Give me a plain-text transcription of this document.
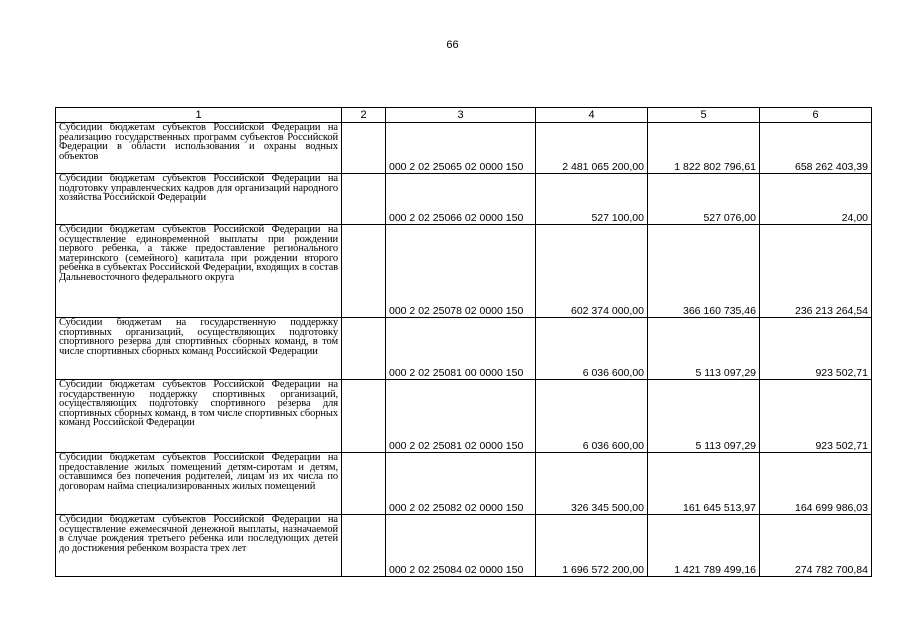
66
1	2	3	4	5	6
Субсидии бюджетам субъектов Российской Федерации на реализацию государственных программ субъектов Российской Федерации в области использования и охраны водных объектов		000 2 02 25065 02 0000 150	2 481 065 200,00	1 822 802 796,61	658 262 403,39
Субсидии бюджетам субъектов Российской Федерации на подготовку управленческих кадров для организаций народного хозяйства Российской Федерации		000 2 02 25066 02 0000 150	527 100,00	527 076,00	24,00
Субсидии бюджетам субъектов Российской Федерации на осуществление единовременной выплаты при рождении первого ребенка, а также предоставление регионального материнского (семейного) капитала при рождении второго ребенка в субъектах Российской Федерации, входящих в состав Дальневосточного федерального округа		000 2 02 25078 02 0000 150	602 374 000,00	366 160 735,46	236 213 264,54
Субсидии бюджетам на государственную поддержку спортивных организаций, осуществляющих подготовку спортивного резерва для спортивных сборных команд, в том числе спортивных сборных команд Российской Федерации		000 2 02 25081 00 0000 150	6 036 600,00	5 113 097,29	923 502,71
Субсидии бюджетам субъектов Российской Федерации на государственную поддержку спортивных организаций, осуществляющих подготовку спортивного резерва для спортивных сборных команд, в том числе спортивных сборных команд Российской Федерации		000 2 02 25081 02 0000 150	6 036 600,00	5 113 097,29	923 502,71
Субсидии бюджетам субъектов Российской Федерации на предоставление жилых помещений детям-сиротам и детям, оставшимся без попечения родителей, лицам из их числа по договорам найма специализированных жилых помещений		000 2 02 25082 02 0000 150	326 345 500,00	161 645 513,97	164 699 986,03
Субсидии бюджетам субъектов Российской Федерации на осуществление ежемесячной денежной выплаты, назначаемой в случае рождения третьего ребенка или последующих детей до достижения ребенком возраста трех лет		000 2 02 25084 02 0000 150	1 696 572 200,00	1 421 789 499,16	274 782 700,84
